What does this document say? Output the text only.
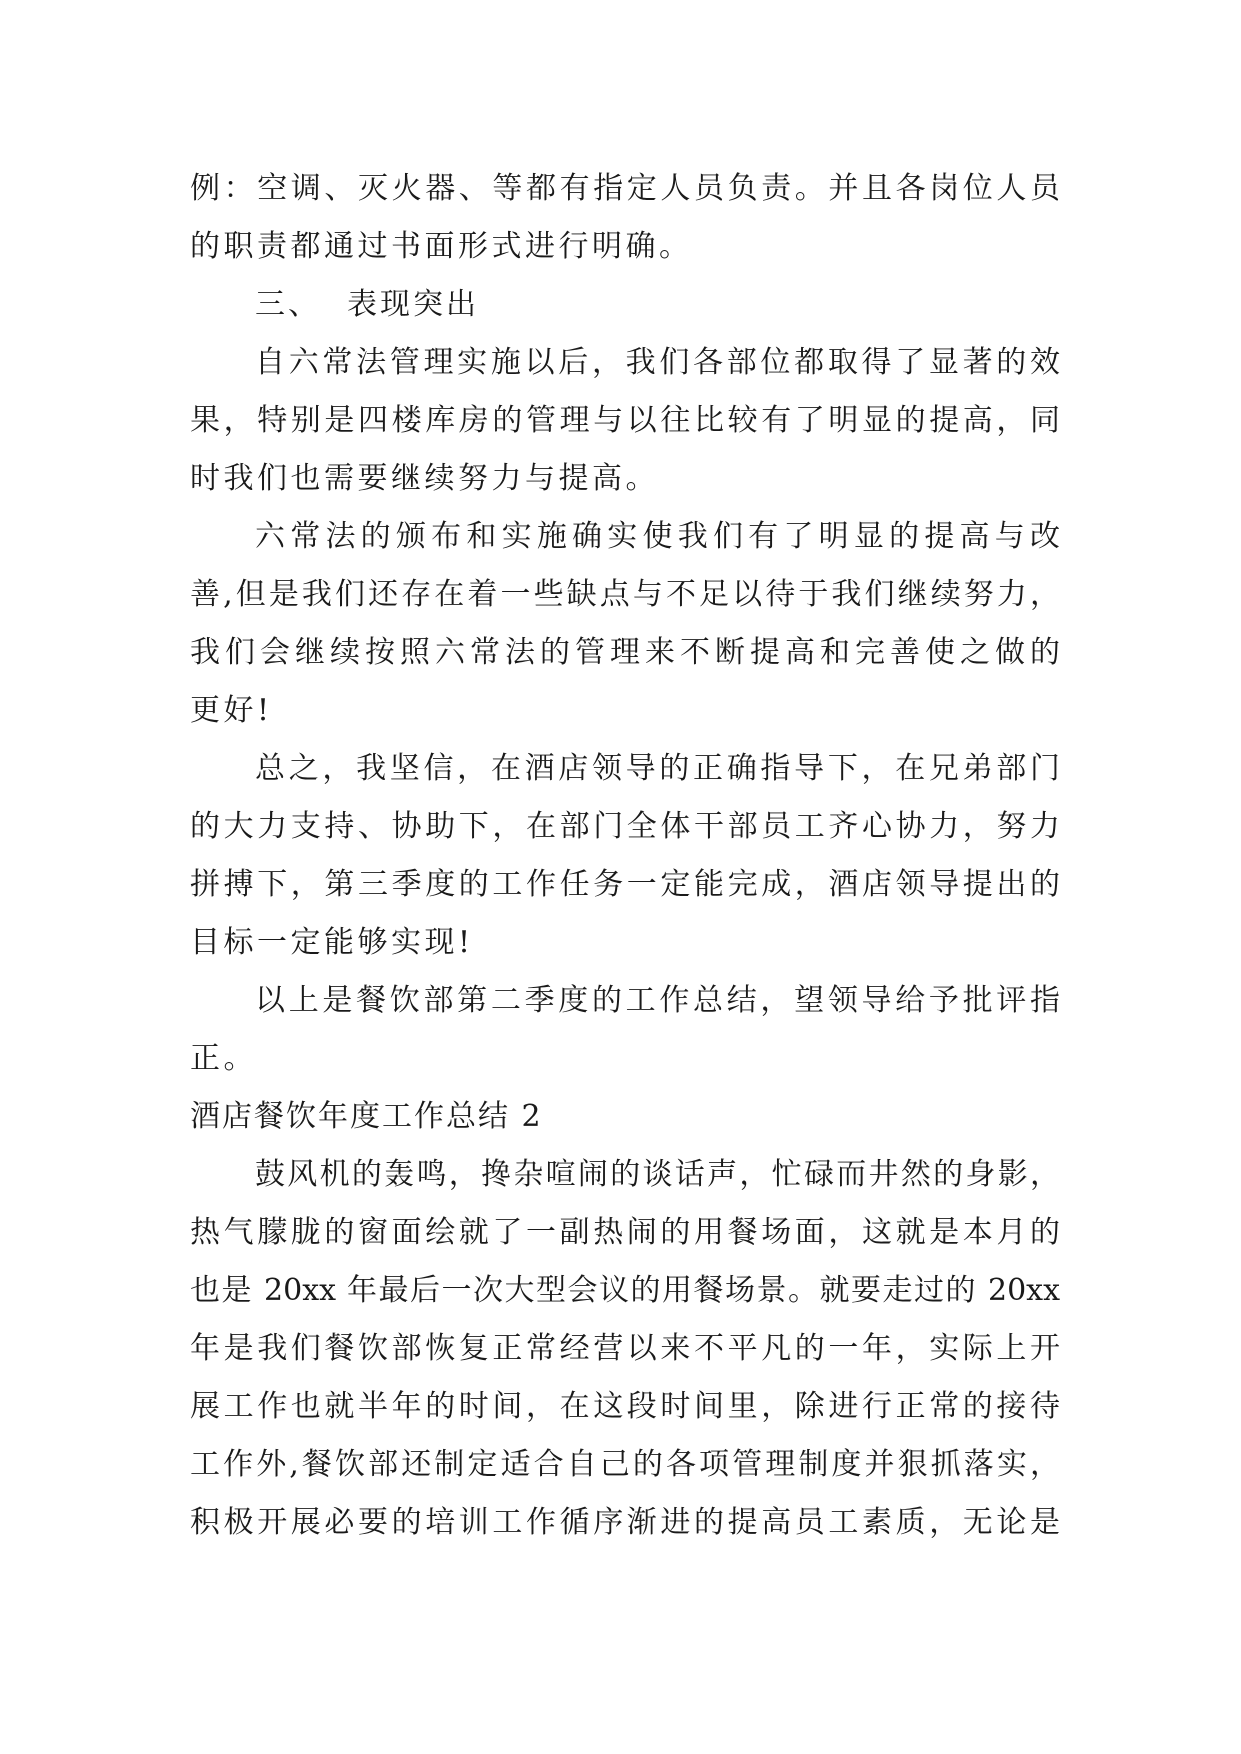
例：空调、灭火器、等都有指定人员负责。并且各岗位人员
的职责都通过书面形式进行明确。
三、 表现突出
自六常法管理实施以后，我们各部位都取得了显著的效
果，特别是四楼库房的管理与以往比较有了明显的提高，同
时我们也需要继续努力与提高。
六常法的颁布和实施确实使我们有了明显的提高与改
善,但是我们还存在着一些缺点与不足以待于我们继续努力，
我们会继续按照六常法的管理来不断提高和完善使之做的
更好!
总之，我坚信，在酒店领导的正确指导下，在兄弟部门
的大力支持、协助下，在部门全体干部员工齐心协力，努力
拼搏下，第三季度的工作任务一定能完成，酒店领导提出的
目标一定能够实现!
以上是餐饮部第二季度的工作总结，望领导给予批评指
正。
酒店餐饮年度工作总结 2
鼓风机的轰鸣，搀杂喧闹的谈话声，忙碌而井然的身影，
热气朦胧的窗面绘就了一副热闹的用餐场面，这就是本月的
也是 20xx 年最后一次大型会议的用餐场景。就要走过的 20xx
年是我们餐饮部恢复正常经营以来不平凡的一年，实际上开
展工作也就半年的时间，在这段时间里，除进行正常的接待
工作外,餐饮部还制定适合自己的各项管理制度并狠抓落实，
积极开展必要的培训工作循序渐进的提高员工素质，无论是
